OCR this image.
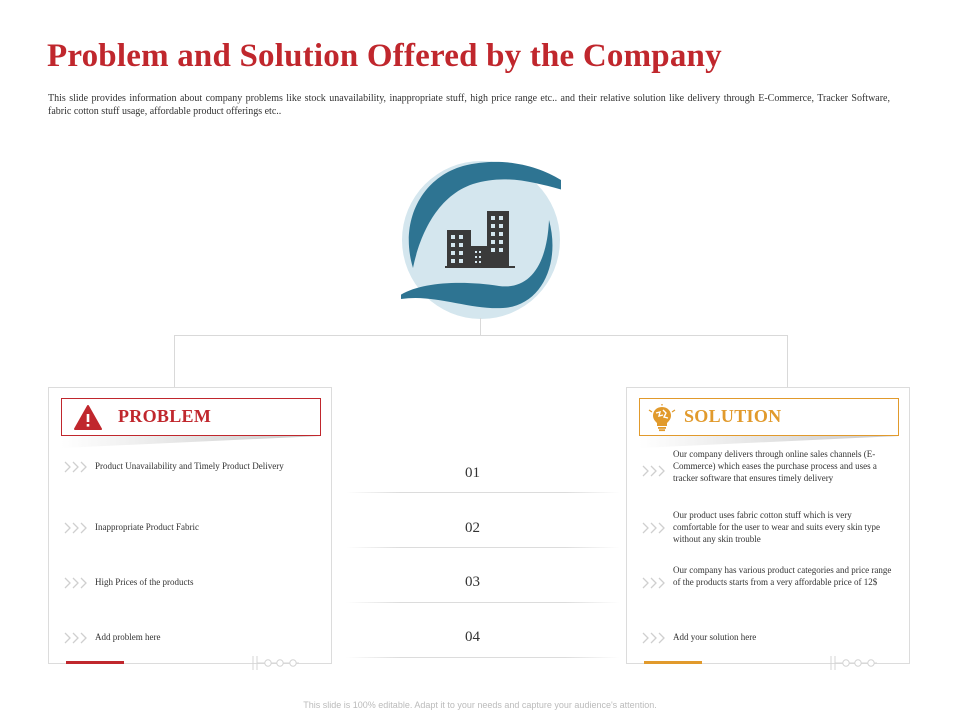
Problem and Solution Offered by the Company
This slide provides information about company problems like stock unavailability, inappropriate stuff, high price range etc.. and their relative solution like delivery through E-Commerce, Tracker Software, fabric cotton stuff usage, affordable product offerings etc..
PROBLEM
Product Unavailability and Timely Product Delivery
Inappropriate Product Fabric
High Prices of the products
Add problem here
01
02
03
04
SOLUTION
Our company delivers through online sales channels (E-Commerce) which eases the purchase process and uses a tracker software that ensures timely delivery
Our product uses fabric cotton stuff which is very comfortable for the user to wear and suits every skin type without any skin trouble
Our company has various product categories and price range of the products starts from a very affordable price of 12$
Add your solution here
This slide is 100% editable. Adapt it to your needs and capture your audience's attention.
